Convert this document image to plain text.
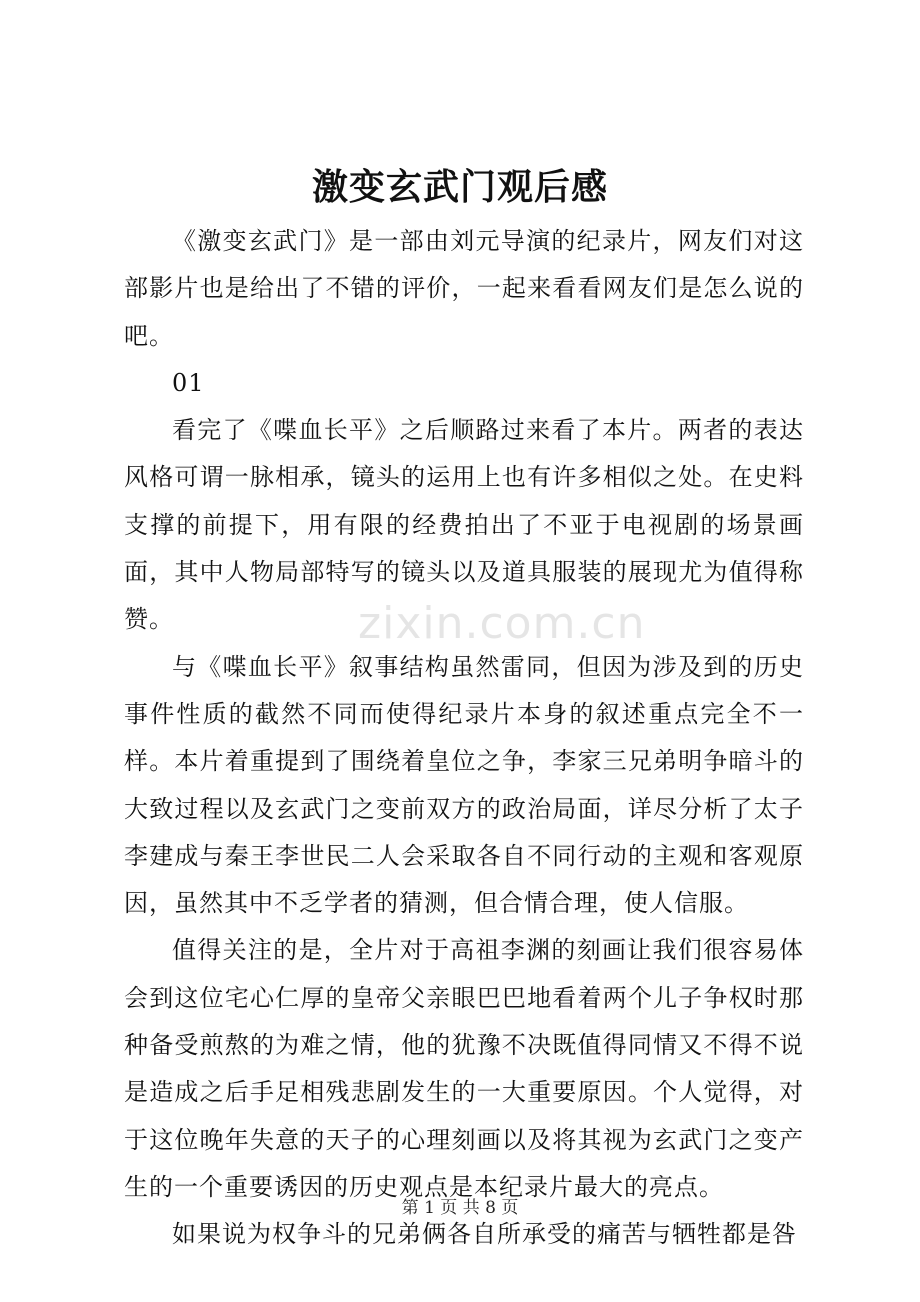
激变玄武门观后感

《激变玄武门》是一部由刘元导演的纪录片，网友们对这部影片也是给出了不错的评价，一起来看看网友们是怎么说的吧。

01

看完了《喋血长平》之后顺路过来看了本片。两者的表达风格可谓一脉相承，镜头的运用上也有许多相似之处。在史料支撑的前提下，用有限的经费拍出了不亚于电视剧的场景画面，其中人物局部特写的镜头以及道具服装的展现尤为值得称赞。

与《喋血长平》叙事结构虽然雷同，但因为涉及到的历史事件性质的截然不同而使得纪录片本身的叙述重点完全不一样。本片着重提到了围绕着皇位之争，李家三兄弟明争暗斗的大致过程以及玄武门之变前双方的政治局面，详尽分析了太子李建成与秦王李世民二人会采取各自不同行动的主观和客观原因，虽然其中不乏学者的猜测，但合情合理，使人信服。

值得关注的是，全片对于高祖李渊的刻画让我们很容易体会到这位宅心仁厚的皇帝父亲眼巴巴地看着两个儿子争权时那种备受煎熬的为难之情，他的犹豫不决既值得同情又不得不说是造成之后手足相残悲剧发生的一大重要原因。个人觉得，对于这位晚年失意的天子的心理刻画以及将其视为玄武门之变产生的一个重要诱因的历史观点是本纪录片最大的亮点。

如果说为权争斗的兄弟俩各自所承受的痛苦与牺牲都是咎

zixin.com.cn
第 1 页 共 8 页
